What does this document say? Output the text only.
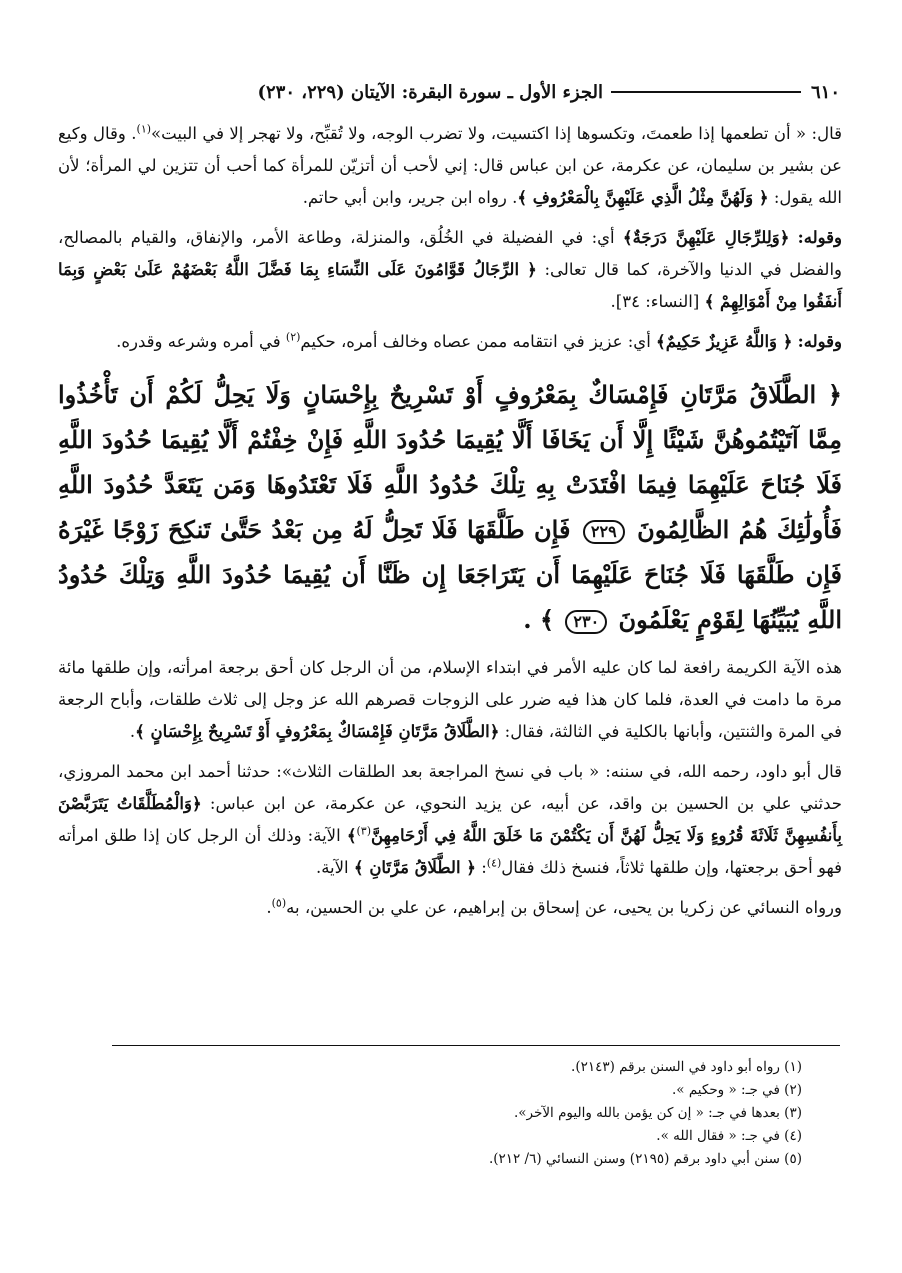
٦١٠
الجزء الأول ـ سورة البقرة: الآيتان (٢٢٩، ٢٣٠)

قال: « أن تطعمها إذا طعمتَ، وتكسوها إذا اكتسيت، ولا تضرب الوجه، ولا تُقبِّح، ولا تهجر إلا في البيت»$^{(١)}$. وقال وكيع عن بشير بن سليمان، عن عكرمة، عن ابن عباس قال: إني لأحب أن أتزيّن للمرأة كما أحب أن تتزين لي المرأة؛ لأن الله يقول: ﴿ وَلَهُنَّ مِثْلُ الَّذِي عَلَيْهِنَّ بِالْمَعْرُوفِ ﴾. رواه ابن جرير، وابن أبي حاتم.

وقوله: ﴿وَلِلرِّجَالِ عَلَيْهِنَّ دَرَجَةٌ﴾ أي: في الفضيلة في الخُلُق، والمنزلة، وطاعة الأمر، والإنفاق، والقيام بالمصالح، والفضل في الدنيا والآخرة، كما قال تعالى: ﴿ الرِّجَالُ قَوَّامُونَ عَلَى النِّسَاءِ بِمَا فَضَّلَ اللَّهُ بَعْضَهُمْ عَلَىٰ بَعْضٍ وَبِمَا أَنفَقُوا مِنْ أَمْوَالِهِمْ ﴾ [النساء: ٣٤].

وقوله: ﴿ وَاللَّهُ عَزِيزٌ حَكِيمٌ﴾ أي: عزيز في انتقامه ممن عصاه وخالف أمره، حكيم$^{(٢)}$ في أمره وشرعه وقدره.

﴿ الطَّلَاقُ مَرَّتَانِ فَإِمْسَاكٌ بِمَعْرُوفٍ أَوْ تَسْرِيحٌ بِإِحْسَانٍ وَلَا يَحِلُّ لَكُمْ أَن تَأْخُذُوا مِمَّا آتَيْتُمُوهُنَّ شَيْئًا إِلَّا أَن يَخَافَا أَلَّا يُقِيمَا حُدُودَ اللَّهِ فَإِنْ خِفْتُمْ أَلَّا يُقِيمَا حُدُودَ اللَّهِ فَلَا جُنَاحَ عَلَيْهِمَا فِيمَا افْتَدَتْ بِهِ تِلْكَ حُدُودُ اللَّهِ فَلَا تَعْتَدُوهَا وَمَن يَتَعَدَّ حُدُودَ اللَّهِ فَأُولَٰئِكَ هُمُ الظَّالِمُونَ ٢٢٩ فَإِن طَلَّقَهَا فَلَا تَحِلُّ لَهُ مِن بَعْدُ حَتَّىٰ تَنكِحَ زَوْجًا غَيْرَهُ فَإِن طَلَّقَهَا فَلَا جُنَاحَ عَلَيْهِمَا أَن يَتَرَاجَعَا إِن ظَنَّا أَن يُقِيمَا حُدُودَ اللَّهِ وَتِلْكَ حُدُودُ اللَّهِ يُبَيِّنُهَا لِقَوْمٍ يَعْلَمُونَ ٢٣٠ ﴾ .

هذه الآية الكريمة رافعة لما كان عليه الأمر في ابتداء الإسلام، من أن الرجل كان أحق برجعة امرأته، وإن طلقها مائة مرة ما دامت في العدة، فلما كان هذا فيه ضرر على الزوجات قصرهم الله عز وجل إلى ثلاث طلقات، وأباح الرجعة في المرة والثنتين، وأبانها بالكلية في الثالثة، فقال: ﴿الطَّلَاقُ مَرَّتَانِ فَإِمْسَاكٌ بِمَعْرُوفٍ أَوْ تَسْرِيحٌ بِإِحْسَانٍ ﴾.

قال أبو داود، رحمه الله، في سننه: « باب في نسخ المراجعة بعد الطلقات الثلاث»: حدثنا أحمد ابن محمد المروزي، حدثني علي بن الحسين بن واقد، عن أبيه، عن يزيد النحوي، عن عكرمة، عن ابن عباس: ﴿وَالْمُطَلَّقَاتُ يَتَرَبَّصْنَ بِأَنفُسِهِنَّ ثَلَاثَةَ قُرُوءٍ وَلَا يَحِلُّ لَهُنَّ أَن يَكْتُمْنَ مَا خَلَقَ اللَّهُ فِي أَرْحَامِهِنَّ$^{(٣)}$﴾ الآية: وذلك أن الرجل كان إذا طلق امرأته فهو أحق برجعتها، وإن طلقها ثلاثاً، فنسخ ذلك فقال$^{(٤)}$: ﴿ الطَّلَاقُ مَرَّتَانِ ﴾ الآية.

ورواه النسائي عن زكريا بن يحيى، عن إسحاق بن إبراهيم، عن علي بن الحسين، به$^{(٥)}$.

(١) رواه أبو داود في السنن برقم (٢١٤٣).

(٢) في جـ: « وحكيم ».

(٣) بعدها في جـ: « إن كن يؤمن بالله واليوم الآخر».

(٤) في جـ: « فقال الله ».

(٥) سنن أبي داود برقم (٢١٩٥) وسنن النسائي (٦/ ٢١٢).
